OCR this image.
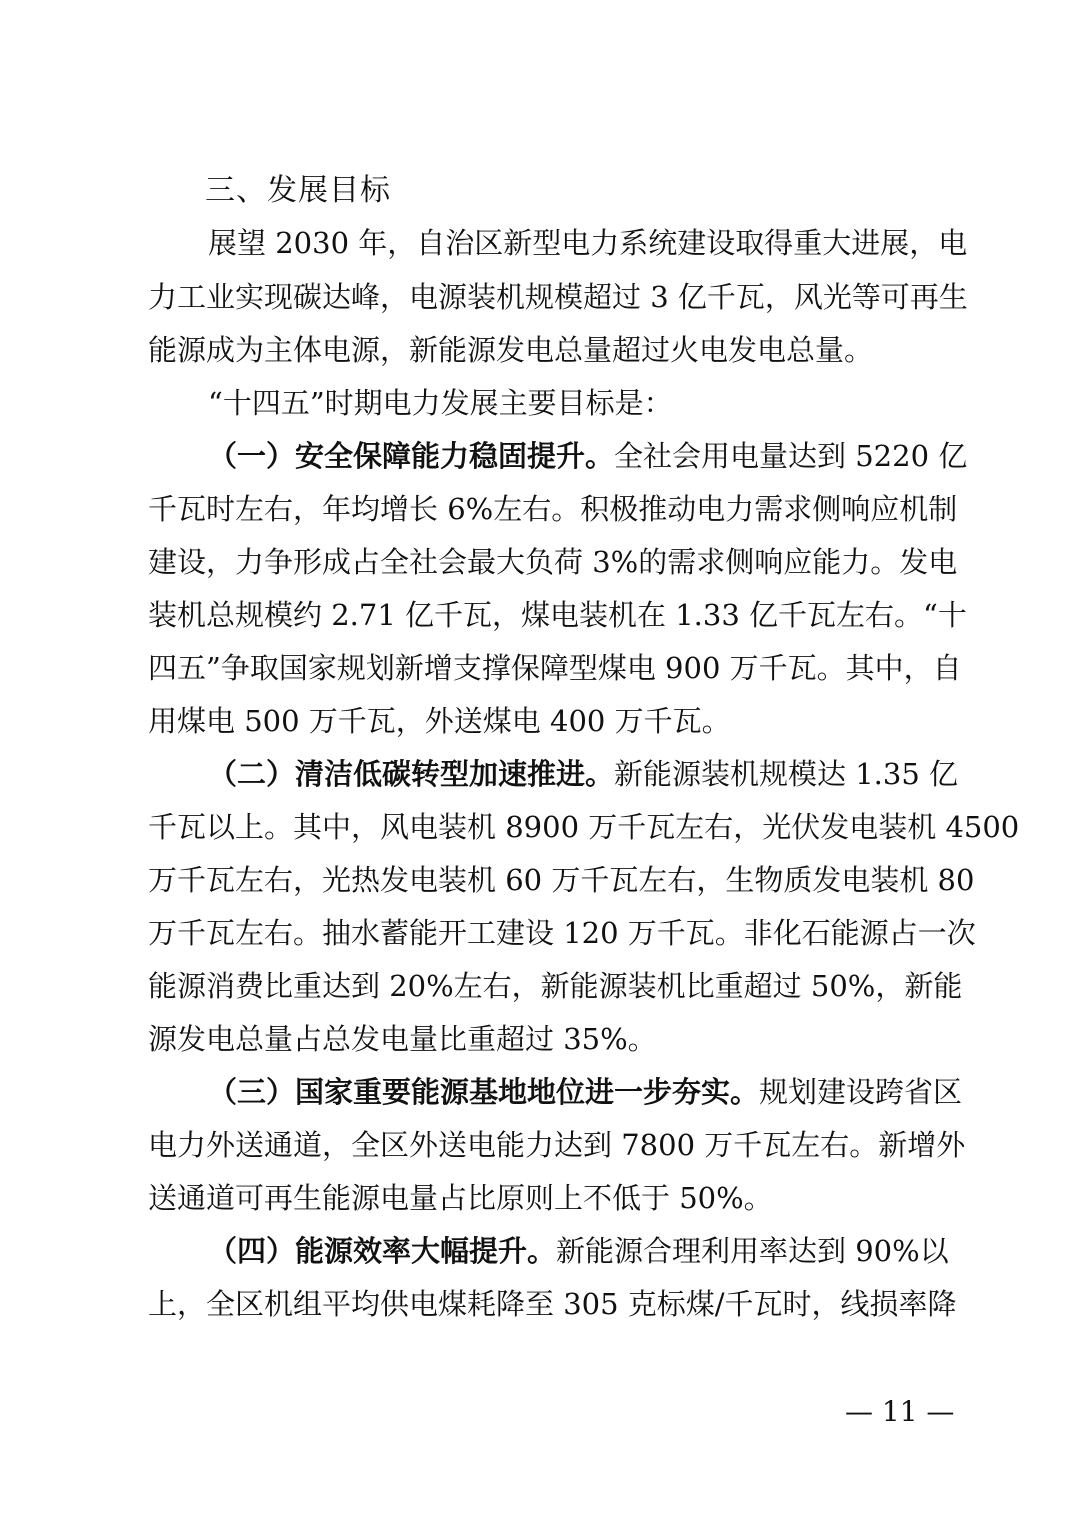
三、发展目标
展望 2030 年，自治区新型电力系统建设取得重大进展，电
力工业实现碳达峰，电源装机规模超过 3 亿千瓦，风光等可再生
能源成为主体电源，新能源发电总量超过火电发电总量。
“十四五”时期电力发展主要目标是：
（一）安全保障能力稳固提升。全社会用电量达到 5220 亿
千瓦时左右，年均增长 6%左右。积极推动电力需求侧响应机制
建设，力争形成占全社会最大负荷 3%的需求侧响应能力。发电
装机总规模约 2.71 亿千瓦，煤电装机在 1.33 亿千瓦左右。“十
四五”争取国家规划新增支撑保障型煤电 900 万千瓦。其中，自
用煤电 500 万千瓦，外送煤电 400 万千瓦。
（二）清洁低碳转型加速推进。新能源装机规模达 1.35 亿
千瓦以上。其中，风电装机 8900 万千瓦左右，光伏发电装机 4500
万千瓦左右，光热发电装机 60 万千瓦左右，生物质发电装机 80
万千瓦左右。抽水蓄能开工建设 120 万千瓦。非化石能源占一次
能源消费比重达到 20%左右，新能源装机比重超过 50%，新能
源发电总量占总发电量比重超过 35%。
（三）国家重要能源基地地位进一步夯实。规划建设跨省区
电力外送通道，全区外送电能力达到 7800 万千瓦左右。新增外
送通道可再生能源电量占比原则上不低于 50%。
（四）能源效率大幅提升。新能源合理利用率达到 90%以
上，全区机组平均供电煤耗降至 305 克标煤/千瓦时，线损率降
— 11 —
